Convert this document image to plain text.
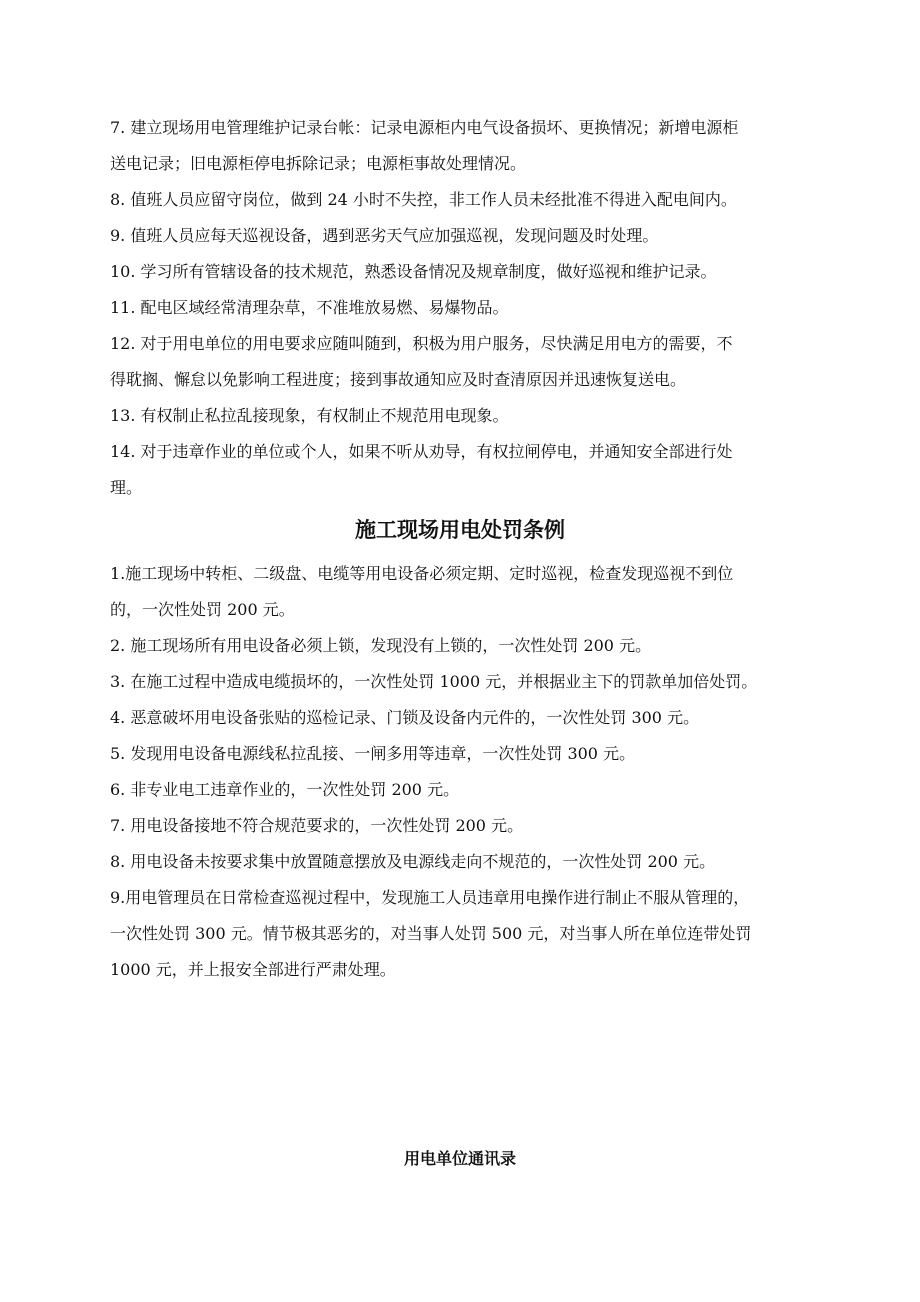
7. 建立现场用电管理维护记录台帐：记录电源柜内电气设备损坏、更换情况；新增电源柜
送电记录；旧电源柜停电拆除记录；电源柜事故处理情况。

8. 值班人员应留守岗位，做到 24 小时不失控，非工作人员未经批准不得进入配电间内。

9. 值班人员应每天巡视设备，遇到恶劣天气应加强巡视，发现问题及时处理。

10. 学习所有管辖设备的技术规范，熟悉设备情况及规章制度，做好巡视和维护记录。

11. 配电区域经常清理杂草，不准堆放易燃、易爆物品。

12. 对于用电单位的用电要求应随叫随到，积极为用户服务，尽快满足用电方的需要，不
得耽搁、懈怠以免影响工程进度；接到事故通知应及时查清原因并迅速恢复送电。

13. 有权制止私拉乱接现象，有权制止不规范用电现象。

14. 对于违章作业的单位或个人，如果不听从劝导，有权拉闸停电，并通知安全部进行处
理。

施工现场用电处罚条例

1.施工现场中转柜、二级盘、电缆等用电设备必须定期、定时巡视，检查发现巡视不到位
的，一次性处罚 200 元。

2. 施工现场所有用电设备必须上锁，发现没有上锁的，一次性处罚 200 元。

3. 在施工过程中造成电缆损坏的，一次性处罚 1000 元，并根据业主下的罚款单加倍处罚。

4. 恶意破坏用电设备张贴的巡检记录、门锁及设备内元件的，一次性处罚 300 元。

5. 发现用电设备电源线私拉乱接、一闸多用等违章，一次性处罚 300 元。

6. 非专业电工违章作业的，一次性处罚 200 元。

7. 用电设备接地不符合规范要求的，一次性处罚 200 元。

8. 用电设备未按要求集中放置随意摆放及电源线走向不规范的，一次性处罚 200 元。

9.用电管理员在日常检查巡视过程中，发现施工人员违章用电操作进行制止不服从管理的，
一次性处罚 300 元。情节极其恶劣的，对当事人处罚 500 元，对当事人所在单位连带处罚
1000 元，并上报安全部进行严肃处理。

用电单位通讯录
